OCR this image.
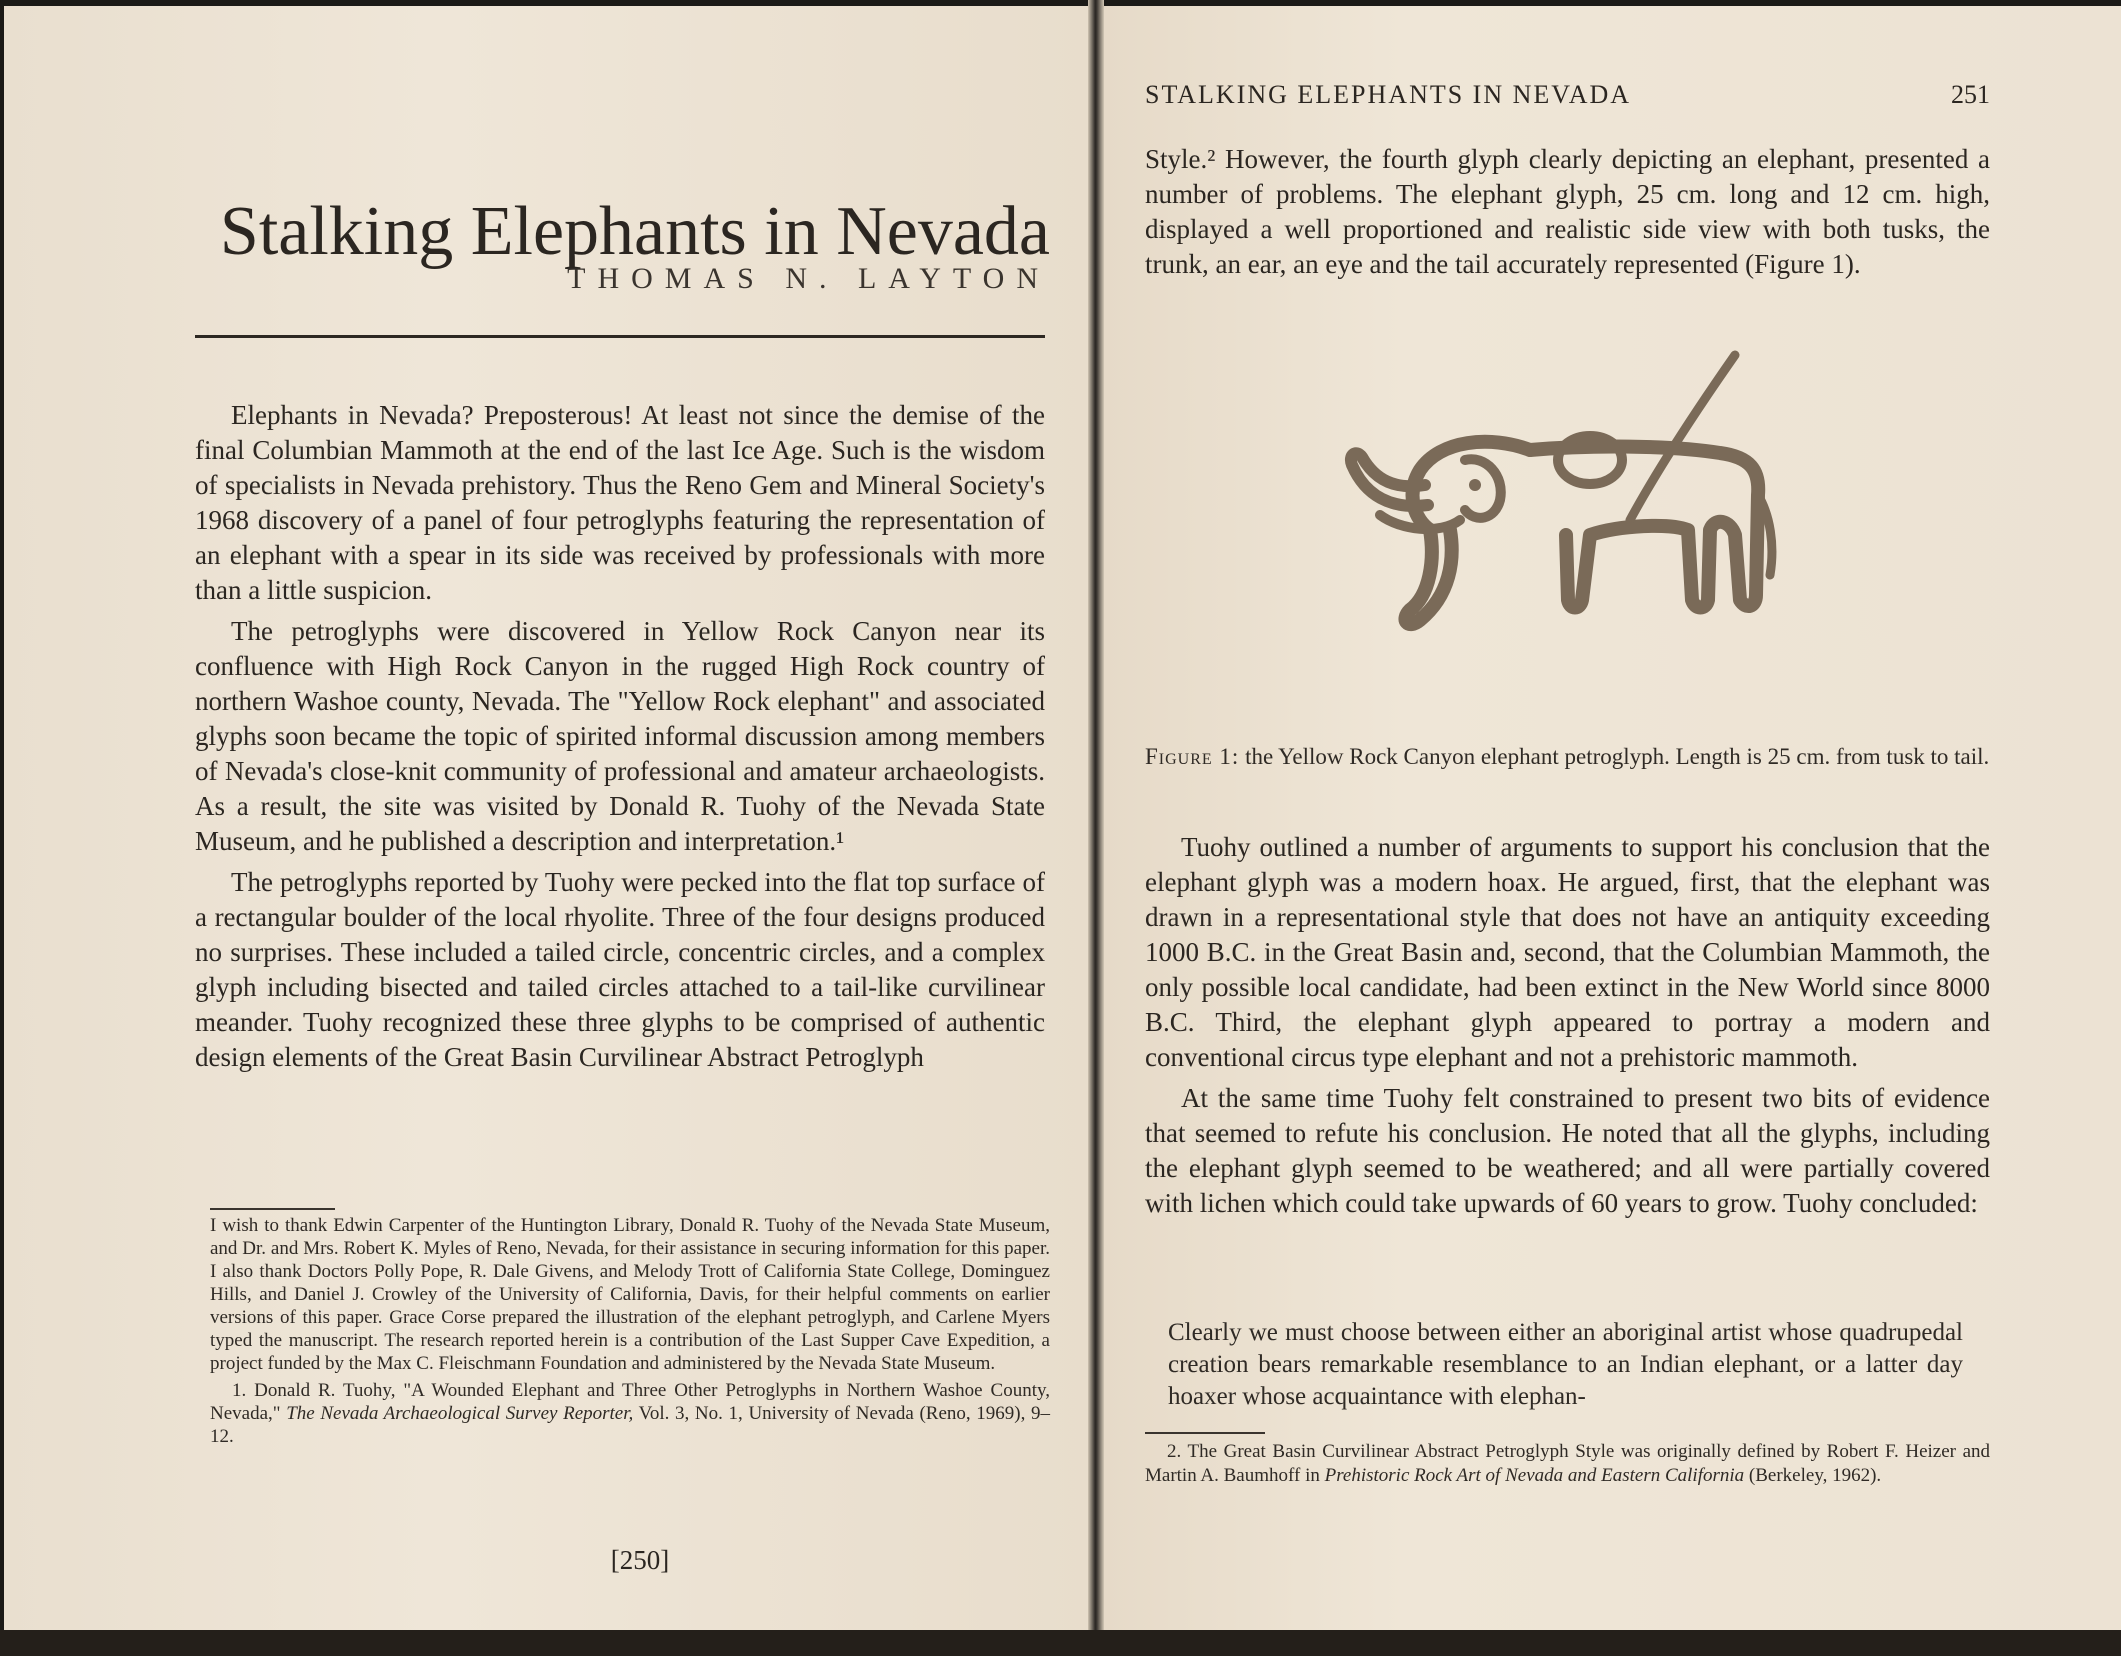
Stalking Elephants in Nevada
THOMAS N. LAYTON

Elephants in Nevada? Preposterous! At least not since the demise of the final Columbian Mammoth at the end of the last Ice Age. Such is the wisdom of specialists in Nevada prehistory. Thus the Reno Gem and Mineral Society's 1968 discovery of a panel of four petroglyphs featuring the representation of an elephant with a spear in its side was received by professionals with more than a little suspicion.

The petroglyphs were discovered in Yellow Rock Canyon near its confluence with High Rock Canyon in the rugged High Rock country of northern Washoe county, Nevada. The "Yellow Rock elephant" and associated glyphs soon became the topic of spirited informal discussion among members of Nevada's close-knit community of professional and amateur archaeologists. As a result, the site was visited by Donald R. Tuohy of the Nevada State Museum, and he published a description and interpretation.¹

The petroglyphs reported by Tuohy were pecked into the flat top surface of a rectangular boulder of the local rhyolite. Three of the four designs produced no surprises. These included a tailed circle, concentric circles, and a complex glyph including bisected and tailed circles attached to a tail-like curvilinear meander. Tuohy recognized these three glyphs to be comprised of authentic design elements of the Great Basin Curvilinear Abstract Petroglyph

I wish to thank Edwin Carpenter of the Huntington Library, Donald R. Tuohy of the Nevada State Museum, and Dr. and Mrs. Robert K. Myles of Reno, Nevada, for their assistance in securing information for this paper. I also thank Doctors Polly Pope, R. Dale Givens, and Melody Trott of California State College, Dominguez Hills, and Daniel J. Crowley of the University of California, Davis, for their helpful comments on earlier versions of this paper. Grace Corse prepared the illustration of the elephant petroglyph, and Carlene Myers typed the manuscript. The research reported herein is a contribution of the Last Supper Cave Expedition, a project funded by the Max C. Fleischmann Foundation and administered by the Nevada State Museum.

1. Donald R. Tuohy, "A Wounded Elephant and Three Other Petroglyphs in Northern Washoe County, Nevada," The Nevada Archaeological Survey Reporter, Vol. 3, No. 1, University of Nevada (Reno, 1969), 9–12.

[250]
STALKING ELEPHANTS IN NEVADA	251

Style.² However, the fourth glyph clearly depicting an elephant, presented a number of problems. The elephant glyph, 25 cm. long and 12 cm. high, displayed a well proportioned and realistic side view with both tusks, the trunk, an ear, an eye and the tail accurately represented (Figure 1).

Figure 1: the Yellow Rock Canyon elephant petroglyph. Length is 25 cm. from tusk to tail.

Tuohy outlined a number of arguments to support his conclusion that the elephant glyph was a modern hoax. He argued, first, that the elephant was drawn in a representational style that does not have an antiquity exceeding 1000 B.C. in the Great Basin and, second, that the Columbian Mammoth, the only possible local candidate, had been extinct in the New World since 8000 B.C. Third, the elephant glyph appeared to portray a modern and conventional circus type elephant and not a prehistoric mammoth.

At the same time Tuohy felt constrained to present two bits of evidence that seemed to refute his conclusion. He noted that all the glyphs, including the elephant glyph seemed to be weathered; and all were partially covered with lichen which could take upwards of 60 years to grow. Tuohy concluded:

Clearly we must choose between either an aboriginal artist whose quadrupedal creation bears remarkable resemblance to an Indian elephant, or a latter day hoaxer whose acquaintance with elephan-

2. The Great Basin Curvilinear Abstract Petroglyph Style was originally defined by Robert F. Heizer and Martin A. Baumhoff in Prehistoric Rock Art of Nevada and Eastern California (Berkeley, 1962).
